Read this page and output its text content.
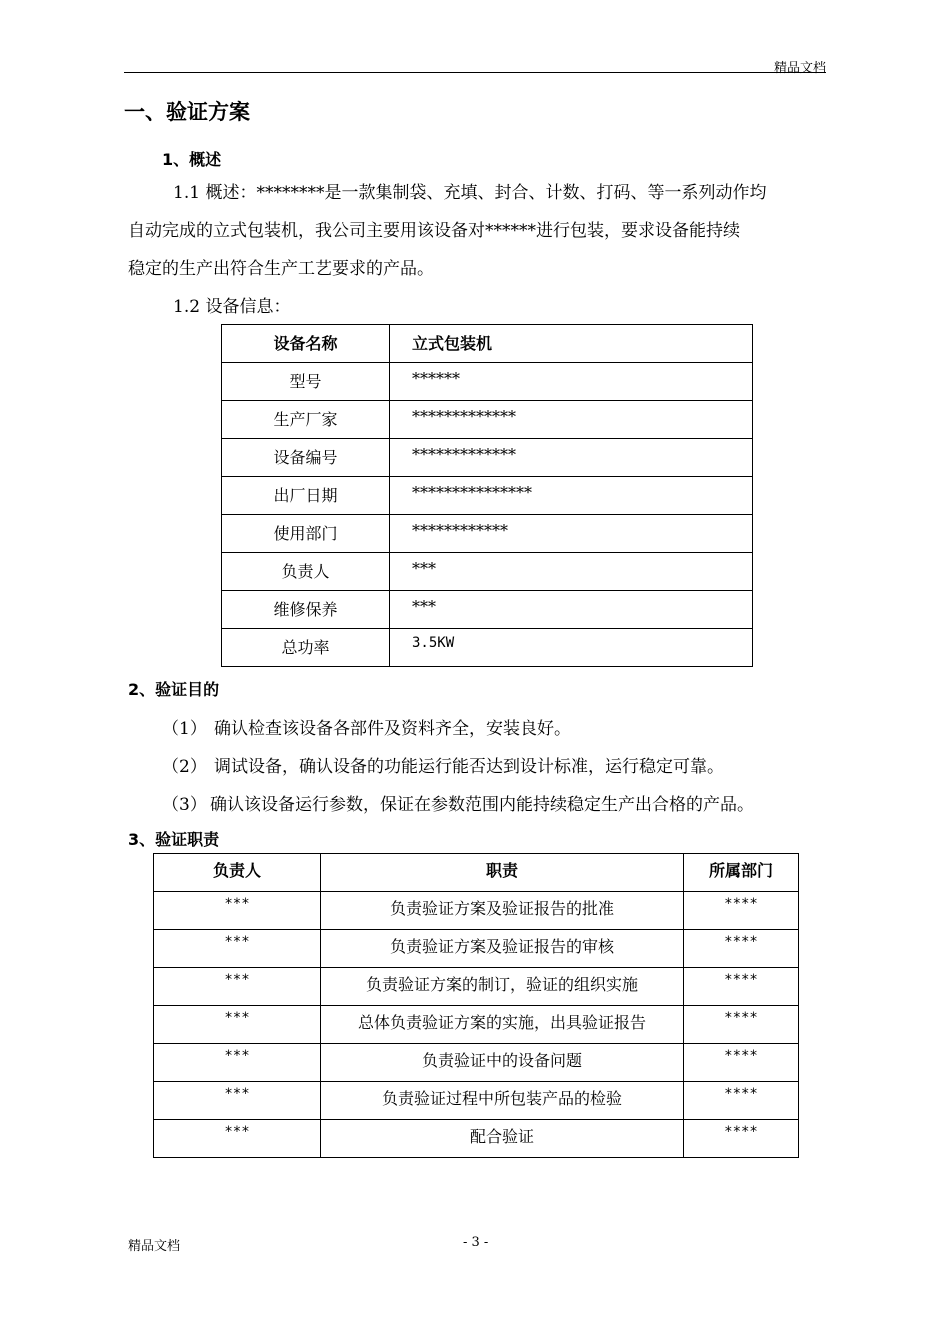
精品文档
一、验证方案
1、概述
1.1 概述：********是一款集制袋、充填、封合、计数、打码、等一系列动作均
自动完成的立式包装机，我公司主要用该设备对******进行包装，要求设备能持续
稳定的生产出符合生产工艺要求的产品。
1.2 设备信息：
设备名称	立式包装机

型号	******

生产厂家	*************

设备编号	*************

出厂日期	***************

使用部门	************

负责人	***

维修保养	***

总功率	3.5KW
2、验证目的
（1） 确认检查该设备各部件及资料齐全，安装良好。
（2） 调试设备，确认设备的功能运行能否达到设计标准，运行稳定可靠。
（3） 确认该设备运行参数，保证在参数范围内能持续稳定生产出合格的产品。
3、验证职责
负责人	职责	所属部门

***	负责验证方案及验证报告的批准	****

***	负责验证方案及验证报告的审核	****

***	负责验证方案的制订，验证的组织实施	****

***	总体负责验证方案的实施，出具验证报告	****

***	负责验证中的设备问题	****

***	负责验证过程中所包装产品的检验	****

***	配合验证	****
精品文档	- 3 -
